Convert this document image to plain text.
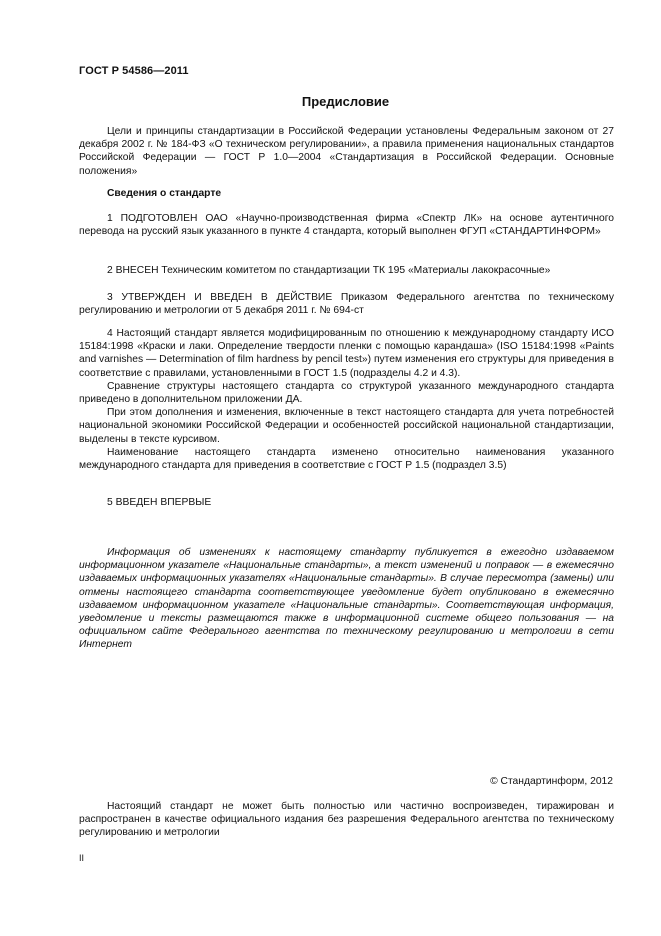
ГОСТ Р 54586—2011
Предисловие

Цели и принципы стандартизации в Российской Федерации установлены Федеральным законом от 27 декабря 2002 г. № 184-ФЗ «О техническом регулировании», а правила применения национальных стандартов Российской Федерации — ГОСТ Р 1.0—2004 «Стандартизация в Российской Федерации. Основные положения»

Сведения о стандарте

1 ПОДГОТОВЛЕН ОАО «Научно-производственная фирма «Спектр ЛК» на основе аутентичного перевода на русский язык указанного в пункте 4 стандарта, который выполнен ФГУП «СТАНДАРТИНФОРМ»

2 ВНЕСЕН Техническим комитетом по стандартизации ТК 195 «Материалы лакокрасочные»

3 УТВЕРЖДЕН И ВВЕДЕН В ДЕЙСТВИЕ Приказом Федерального агентства по техническому регулированию и метрологии от 5 декабря 2011 г. № 694-ст

4 Настоящий стандарт является модифицированным по отношению к международному стандарту ИСО 15184:1998 «Краски и лаки. Определение твердости пленки с помощью карандаша» (ISO 15184:1998 «Paints and varnishes — Determination of film hardness by pencil test») путем изменения его структуры для приведения в соответствие с правилами, установленными в ГОСТ 1.5 (подразделы 4.2 и 4.3).

Сравнение структуры настоящего стандарта со структурой указанного международного стандарта приведено в дополнительном приложении ДА.

При этом дополнения и изменения, включенные в текст настоящего стандарта для учета потребностей национальной экономики Российской Федерации и особенностей российской национальной стандартизации, выделены в тексте курсивом.

Наименование настоящего стандарта изменено относительно наименования указанного международного стандарта для приведения в соответствие с ГОСТ Р 1.5 (подраздел 3.5)

5 ВВЕДЕН ВПЕРВЫЕ

Информация об изменениях к настоящему стандарту публикуется в ежегодно издаваемом информационном указателе «Национальные стандарты», а текст изменений и поправок — в ежемесячно издаваемых информационных указателях «Национальные стандарты». В случае пересмотра (замены) или отмены настоящего стандарта соответствующее уведомление будет опубликовано в ежемесячно издаваемом информационном указателе «Национальные стандарты». Соответствующая информация, уведомление и тексты размещаются также в информационной системе общего пользования — на официальном сайте Федерального агентства по техническому регулированию и метрологии в сети Интернет

© Стандартинформ, 2012

Настоящий стандарт не может быть полностью или частично воспроизведен, тиражирован и распространен в качестве официального издания без разрешения Федерального агентства по техническому регулированию и метрологии

II
